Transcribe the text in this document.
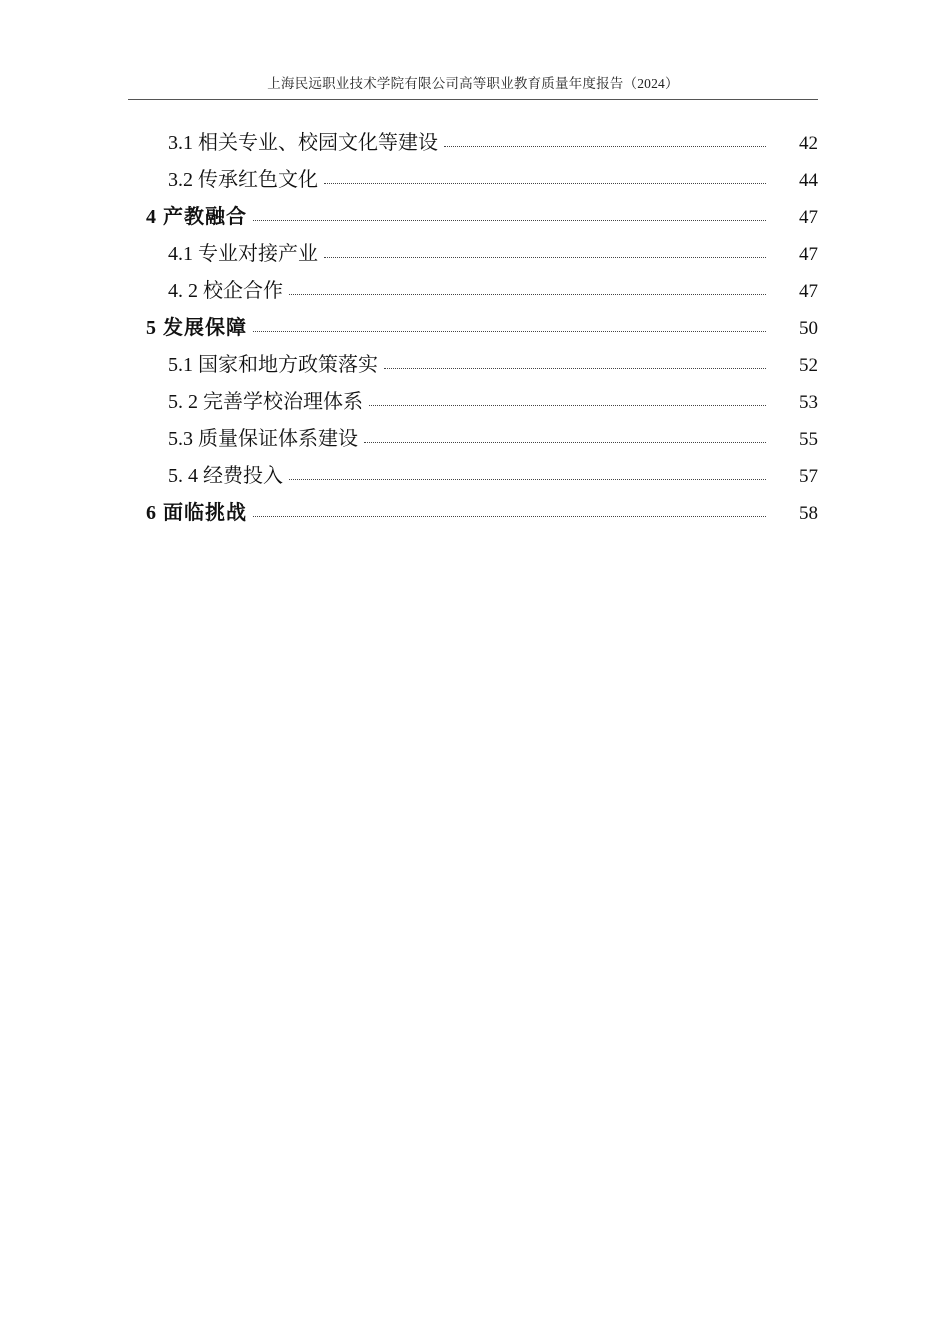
上海民远职业技术学院有限公司高等职业教育质量年度报告（2024）
3.1 相关专业、校园文化等建设	42
3.2 传承红色文化	44
4 产教融合	47
4.1 专业对接产业	47
4. 2 校企合作	47
5 发展保障	50
5.1 国家和地方政策落实	52
5. 2 完善学校治理体系	53
5.3 质量保证体系建设	55
5. 4 经费投入	57
6 面临挑战	58
